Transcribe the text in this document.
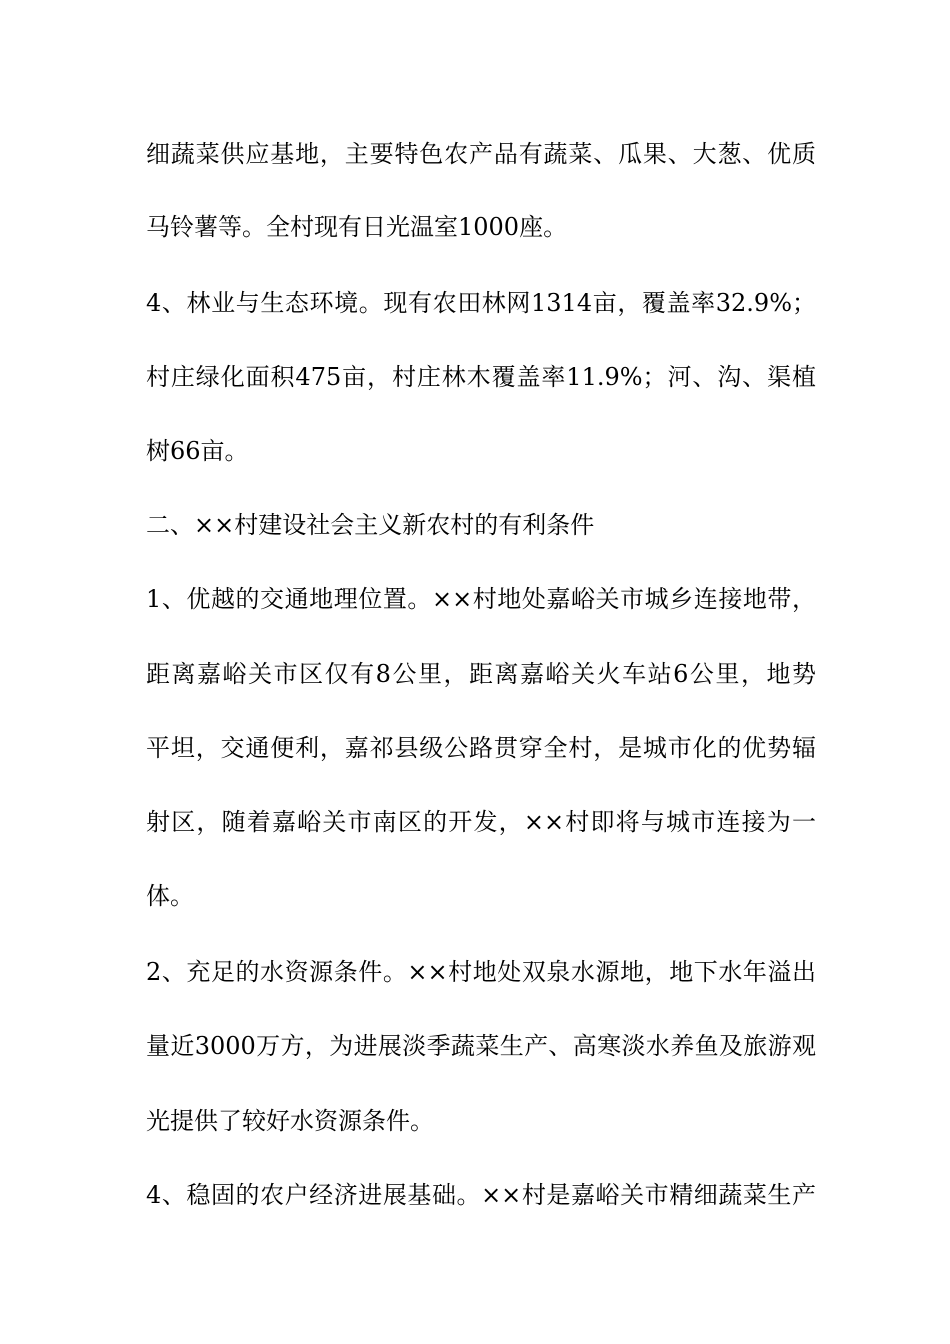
细蔬菜供应基地，主要特色农产品有蔬菜、瓜果、大葱、优质
马铃薯等。全村现有日光温室1000座。
4、林业与生态环境。现有农田林网1314亩，覆盖率32.9%；
村庄绿化面积475亩，村庄林木覆盖率11.9%；河、沟、渠植
树66亩。
二、××村建设社会主义新农村的有利条件
1、优越的交通地理位置。××村地处嘉峪关市城乡连接地带，
距离嘉峪关市区仅有8公里，距离嘉峪关火车站6公里，地势
平坦，交通便利，嘉祁县级公路贯穿全村，是城市化的优势辐
射区，随着嘉峪关市南区的开发，××村即将与城市连接为一
体。
2、充足的水资源条件。××村地处双泉水源地，地下水年溢出
量近3000万方，为进展淡季蔬菜生产、高寒淡水养鱼及旅游观
光提供了较好水资源条件。
4、稳固的农户经济进展基础。××村是嘉峪关市精细蔬菜生产
